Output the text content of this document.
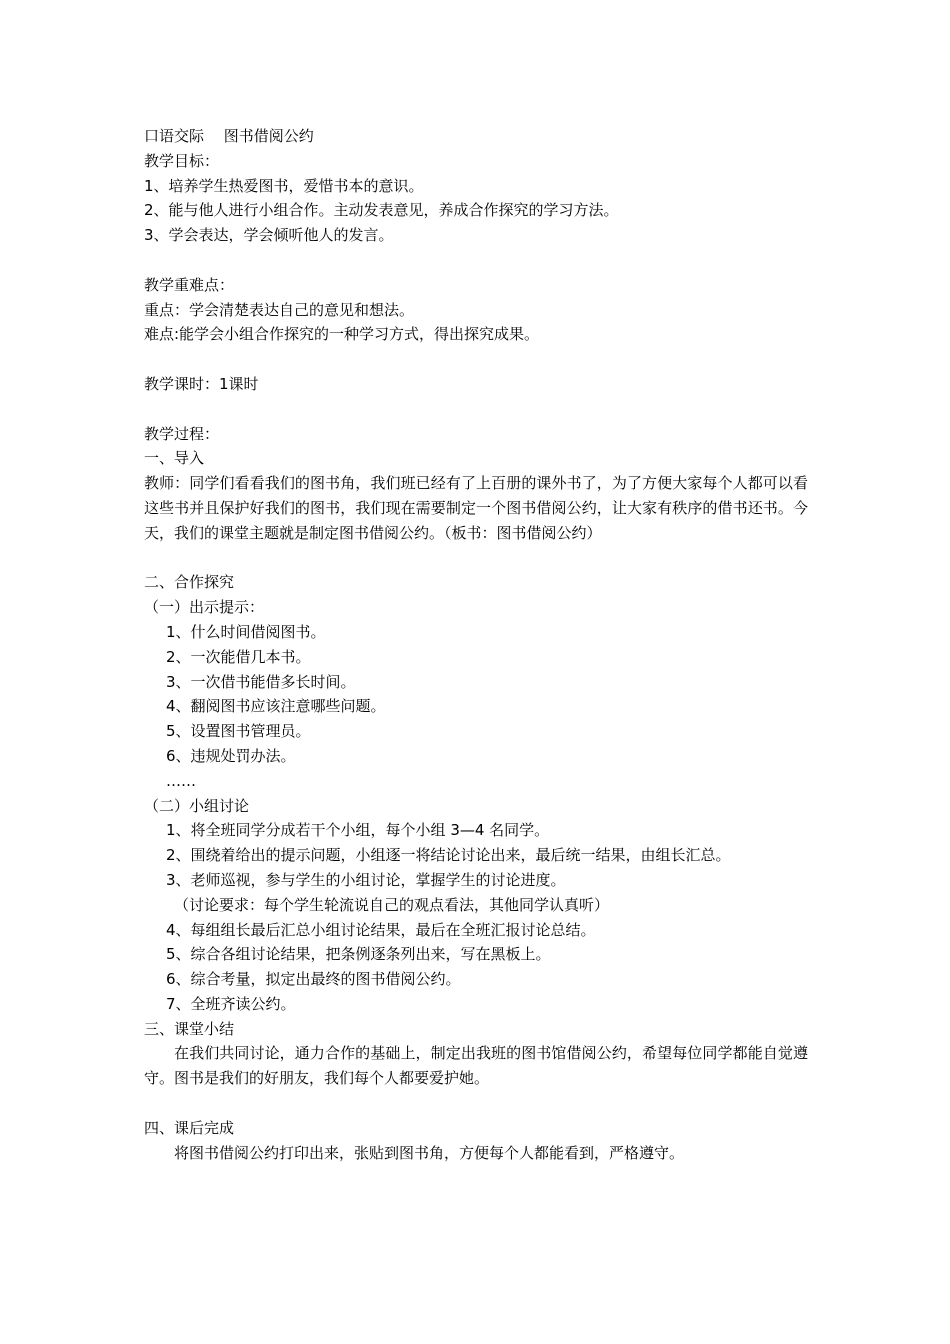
口语交际　 图书借阅公约
教学目标：
1、培养学生热爱图书，爱惜书本的意识。
2、能与他人进行小组合作。主动发表意见，养成合作探究的学习方法。
3、学会表达，学会倾听他人的发言。
教学重难点：
重点：学会清楚表达自己的意见和想法。
难点:能学会小组合作探究的一种学习方式，得出探究成果。
教学课时：1课时
教学过程：
一、导入
教师：同学们看看我们的图书角，我们班已经有了上百册的课外书了，为了方便大家每个人都可以看这些书并且保护好我们的图书，我们现在需要制定一个图书借阅公约，让大家有秩序的借书还书。今天，我们的课堂主题就是制定图书借阅公约。（板书：图书借阅公约）
二、合作探究
（一）出示提示：
1、什么时间借阅图书。
2、一次能借几本书。
3、一次借书能借多长时间。
4、翻阅图书应该注意哪些问题。
5、设置图书管理员。
6、违规处罚办法。
……
（二）小组讨论
1、将全班同学分成若干个小组，每个小组 3—4 名同学。
2、围绕着给出的提示问题，小组逐一将结论讨论出来，最后统一结果，由组长汇总。
3、老师巡视，参与学生的小组讨论，掌握学生的讨论进度。
（讨论要求：每个学生轮流说自己的观点看法，其他同学认真听）
4、每组组长最后汇总小组讨论结果，最后在全班汇报讨论总结。
5、综合各组讨论结果，把条例逐条列出来，写在黑板上。
6、综合考量，拟定出最终的图书借阅公约。
7、全班齐读公约。
三、课堂小结
在我们共同讨论，通力合作的基础上，制定出我班的图书馆借阅公约，希望每位同学都能自觉遵守。图书是我们的好朋友，我们每个人都要爱护她。
四、课后完成
将图书借阅公约打印出来，张贴到图书角，方便每个人都能看到，严格遵守。
